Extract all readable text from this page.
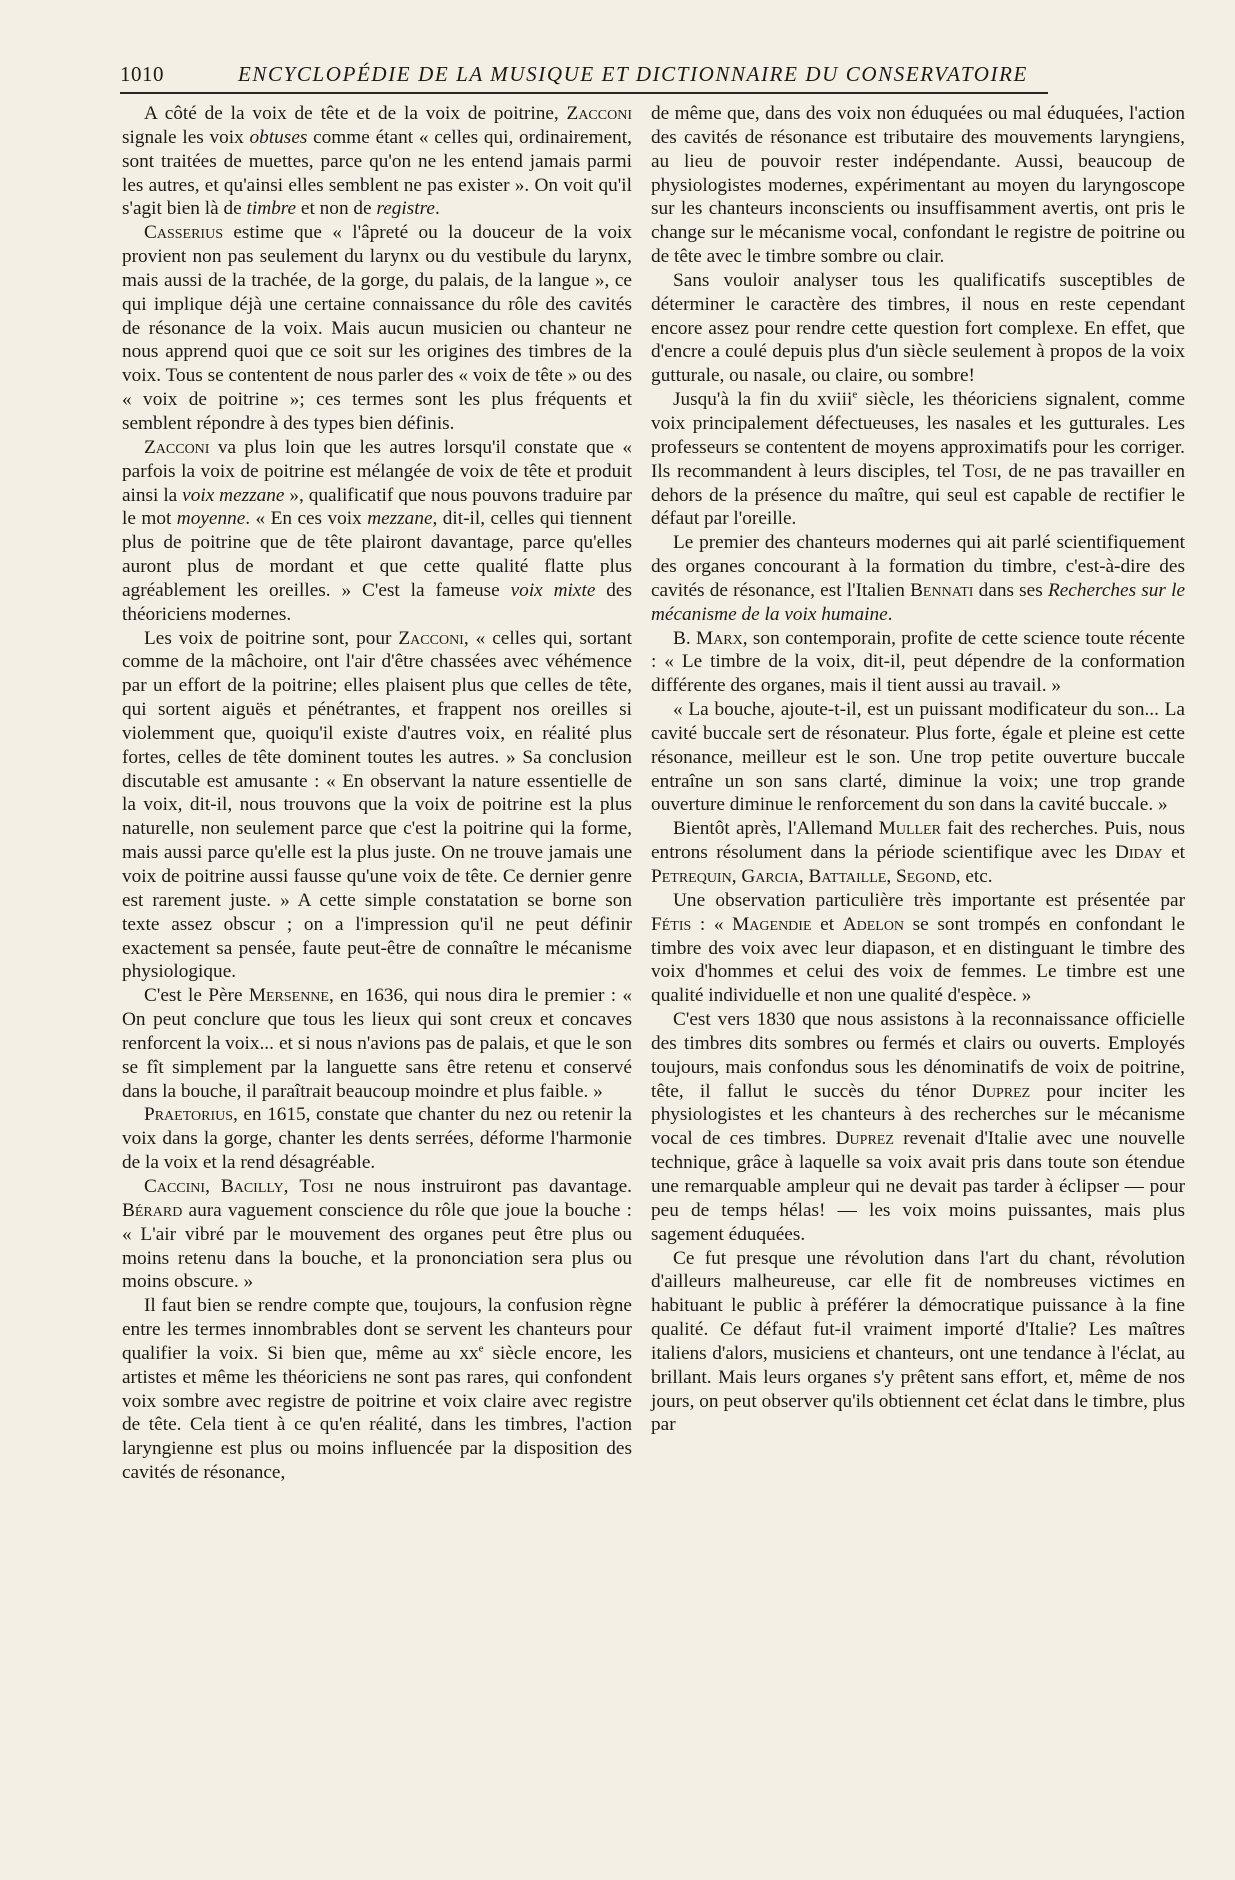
1010	ENCYCLOPÉDIE DE LA MUSIQUE ET DICTIONNAIRE DU CONSERVATOIRE

A côté de la voix de tête et de la voix de poitrine, Zacconi signale les voix obtuses comme étant « celles qui, ordinairement, sont traitées de muettes, parce qu'on ne les entend jamais parmi les autres, et qu'ainsi elles semblent ne pas exister ». On voit qu'il s'agit bien là de timbre et non de registre.

Casserius estime que « l'âpreté ou la douceur de la voix provient non pas seulement du larynx ou du vestibule du larynx, mais aussi de la trachée, de la gorge, du palais, de la langue », ce qui implique déjà une certaine connaissance du rôle des cavités de résonance de la voix. Mais aucun musicien ou chanteur ne nous apprend quoi que ce soit sur les origines des timbres de la voix. Tous se contentent de nous parler des « voix de tête » ou des « voix de poitrine »; ces termes sont les plus fréquents et semblent répondre à des types bien définis.

Zacconi va plus loin que les autres lorsqu'il constate que « parfois la voix de poitrine est mélangée de voix de tête et produit ainsi la voix mezzane », qualificatif que nous pouvons traduire par le mot moyenne. « En ces voix mezzane, dit-il, celles qui tiennent plus de poitrine que de tête plairont davantage, parce qu'elles auront plus de mordant et que cette qualité flatte plus agréablement les oreilles. » C'est la fameuse voix mixte des théoriciens modernes.

Les voix de poitrine sont, pour Zacconi, « celles qui, sortant comme de la mâchoire, ont l'air d'être chassées avec véhémence par un effort de la poitrine; elles plaisent plus que celles de tête, qui sortent aiguës et pénétrantes, et frappent nos oreilles si violemment que, quoiqu'il existe d'autres voix, en réalité plus fortes, celles de tête dominent toutes les autres. » Sa conclusion discutable est amusante : « En observant la nature essentielle de la voix, dit-il, nous trouvons que la voix de poitrine est la plus naturelle, non seulement parce que c'est la poitrine qui la forme, mais aussi parce qu'elle est la plus juste. On ne trouve jamais une voix de poitrine aussi fausse qu'une voix de tête. Ce dernier genre est rarement juste. » A cette simple constatation se borne son texte assez obscur ; on a l'impression qu'il ne peut définir exactement sa pensée, faute peut-être de connaître le mécanisme physiologique.

C'est le Père Mersenne, en 1636, qui nous dira le premier : « On peut conclure que tous les lieux qui sont creux et concaves renforcent la voix... et si nous n'avions pas de palais, et que le son se fît simplement par la languette sans être retenu et conservé dans la bouche, il paraîtrait beaucoup moindre et plus faible. »

Praetorius, en 1615, constate que chanter du nez ou retenir la voix dans la gorge, chanter les dents serrées, déforme l'harmonie de la voix et la rend désagréable.

Caccini, Bacilly, Tosi ne nous instruiront pas davantage. Bérard aura vaguement conscience du rôle que joue la bouche : « L'air vibré par le mouvement des organes peut être plus ou moins retenu dans la bouche, et la prononciation sera plus ou moins obscure. »

Il faut bien se rendre compte que, toujours, la confusion règne entre les termes innombrables dont se servent les chanteurs pour qualifier la voix. Si bien que, même au $xx^e$ siècle encore, les artistes et même les théoriciens ne sont pas rares, qui confondent voix sombre avec registre de poitrine et voix claire avec registre de tête. Cela tient à ce qu'en réalité, dans les timbres, l'action laryngienne est plus ou moins influencée par la disposition des cavités de résonance,

de même que, dans des voix non éduquées ou mal éduquées, l'action des cavités de résonance est tributaire des mouvements laryngiens, au lieu de pouvoir rester indépendante. Aussi, beaucoup de physiologistes modernes, expérimentant au moyen du laryngoscope sur les chanteurs inconscients ou insuffisamment avertis, ont pris le change sur le mécanisme vocal, confondant le registre de poitrine ou de tête avec le timbre sombre ou clair.

Sans vouloir analyser tous les qualificatifs susceptibles de déterminer le caractère des timbres, il nous en reste cependant encore assez pour rendre cette question fort complexe. En effet, que d'encre a coulé depuis plus d'un siècle seulement à propos de la voix gutturale, ou nasale, ou claire, ou sombre!

Jusqu'à la fin du xviii$^e$ siècle, les théoriciens signalent, comme voix principalement défectueuses, les nasales et les gutturales. Les professeurs se contentent de moyens approximatifs pour les corriger. Ils recommandent à leurs disciples, tel Tosi, de ne pas travailler en dehors de la présence du maître, qui seul est capable de rectifier le défaut par l'oreille.

Le premier des chanteurs modernes qui ait parlé scientifiquement des organes concourant à la formation du timbre, c'est-à-dire des cavités de résonance, est l'Italien Bennati dans ses Recherches sur le mécanisme de la voix humaine.

B. Marx, son contemporain, profite de cette science toute récente : « Le timbre de la voix, dit-il, peut dépendre de la conformation différente des organes, mais il tient aussi au travail. »

« La bouche, ajoute-t-il, est un puissant modificateur du son... La cavité buccale sert de résonateur. Plus forte, égale et pleine est cette résonance, meilleur est le son. Une trop petite ouverture buccale entraîne un son sans clarté, diminue la voix; une trop grande ouverture diminue le renforcement du son dans la cavité buccale. »

Bientôt après, l'Allemand Muller fait des recherches. Puis, nous entrons résolument dans la période scientifique avec les Diday et Petrequin, Garcia, Battaille, Segond, etc.

Une observation particulière très importante est présentée par Fétis : « Magendie et Adelon se sont trompés en confondant le timbre des voix avec leur diapason, et en distinguant le timbre des voix d'hommes et celui des voix de femmes. Le timbre est une qualité individuelle et non une qualité d'espèce. »

C'est vers 1830 que nous assistons à la reconnaissance officielle des timbres dits sombres ou fermés et clairs ou ouverts. Employés toujours, mais confondus sous les dénominatifs de voix de poitrine, tête, il fallut le succès du ténor Duprez pour inciter les physiologistes et les chanteurs à des recherches sur le mécanisme vocal de ces timbres. Duprez revenait d'Italie avec une nouvelle technique, grâce à laquelle sa voix avait pris dans toute son étendue une remarquable ampleur qui ne devait pas tarder à éclipser — pour peu de temps hélas! — les voix moins puissantes, mais plus sagement éduquées.

Ce fut presque une révolution dans l'art du chant, révolution d'ailleurs malheureuse, car elle fit de nombreuses victimes en habituant le public à préférer la démocratique puissance à la fine qualité. Ce défaut fut-il vraiment importé d'Italie? Les maîtres italiens d'alors, musiciens et chanteurs, ont une tendance à l'éclat, au brillant. Mais leurs organes s'y prêtent sans effort, et, même de nos jours, on peut observer qu'ils obtiennent cet éclat dans le timbre, plus par
